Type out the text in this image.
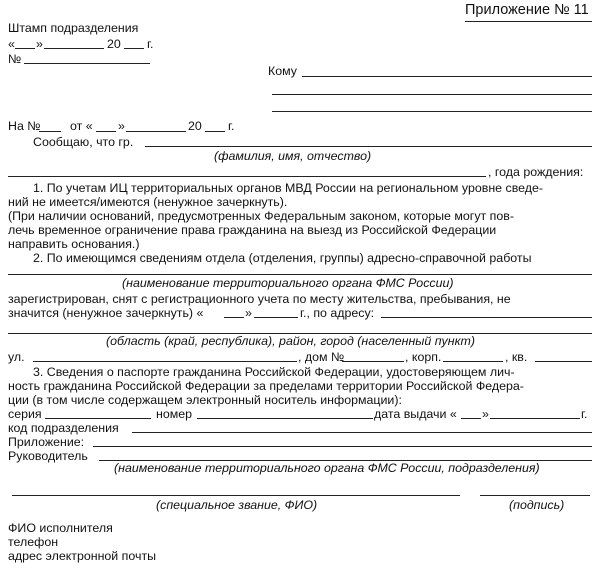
Приложение № 11
Штамп подразделения
« »	20 г.
№
Кому
На № от « »	20 г.
Сообщаю, что гр.
(фамилия, имя, отчество)
, года рождения:
1. По учетам ИЦ территориальных органов МВД России на региональном уровне сведе-
ний не имеется/имеются (ненужное зачеркнуть).
(При наличии оснований, предусмотренных Федеральным законом, которые могут пов-
лечь временное ограничение права гражданина на выезд из Российской Федерации
направить основания.)
2. По имеющимся сведениям отдела (отделения, группы) адресно-справочной работы
(наименование территориального органа ФМС России)
зарегистрирован, снят с регистрационного учета по месту жительства, пребывания, не
значится (ненужное зачеркнуть) «	»	г., по адресу:
(область (край, республика), район, город (населенный пункт)
ул.	, дом №	, корп.	, кв.
3. Сведения о паспорте гражданина Российской Федерации, удостоверяющем лич-
ность гражданина Российской Федерации за пределами территории Российской Федера-
ции (в том числе содержащем электронный носитель информации):
серия	номер	дата выдачи « »	г.
код подразделения
Приложение:
Руководитель
(наименование территориального органа ФМС России, подразделения)
(специальное звание, ФИО)	(подпись)
ФИО исполнителя
телефон
адрес электронной почты
